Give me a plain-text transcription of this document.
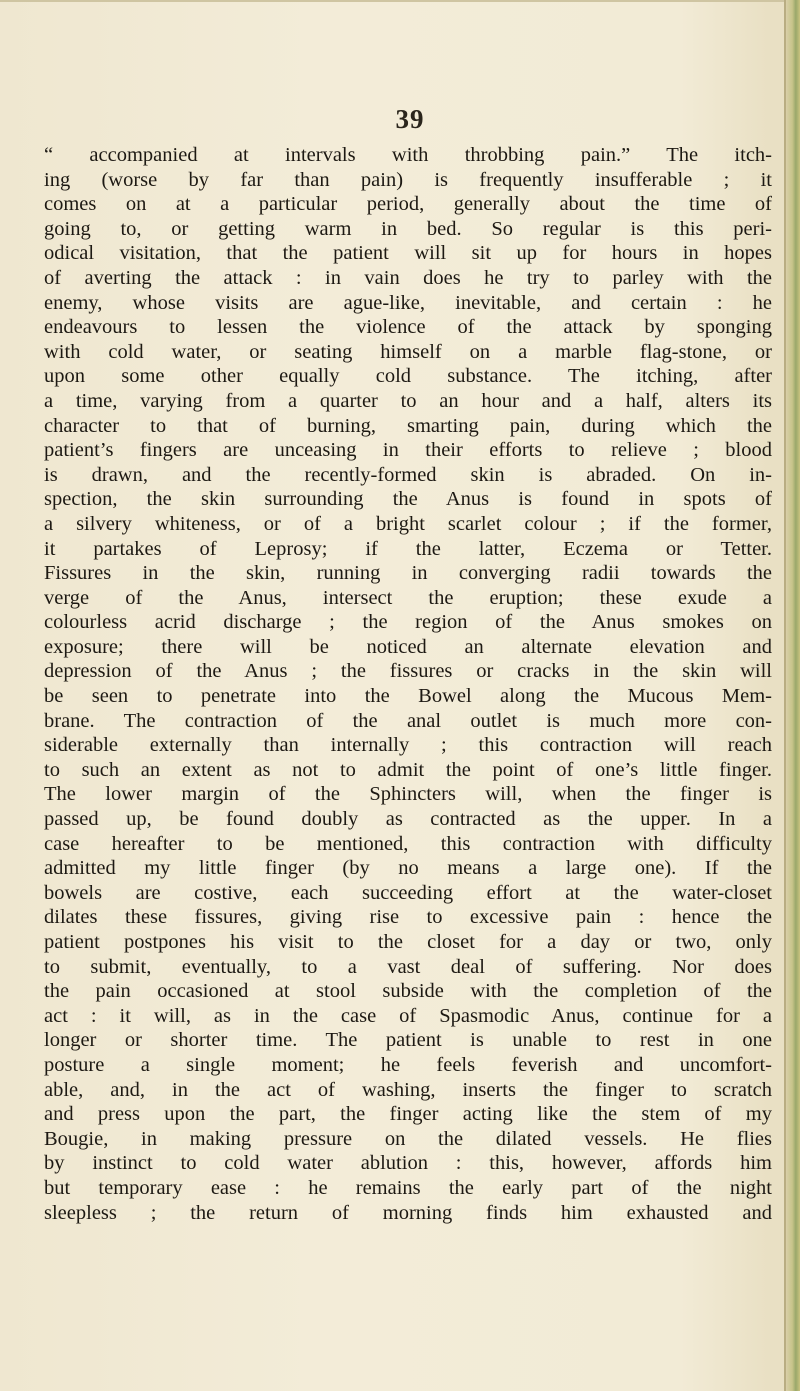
39
“ accompanied at intervals with throbbing pain.” The itch-
ing (worse by far than pain) is frequently insufferable ; it
comes on at a particular period, generally about the time of
going to, or getting warm in bed. So regular is this peri-
odical visitation, that the patient will sit up for hours in hopes
of averting the attack : in vain does he try to parley with the
enemy, whose visits are ague-like, inevitable, and certain : he
endeavours to lessen the violence of the attack by sponging
with cold water, or seating himself on a marble flag-stone, or
upon some other equally cold substance. The itching, after
a time, varying from a quarter to an hour and a half, alters its
character to that of burning, smarting pain, during which the
patient’s fingers are unceasing in their efforts to relieve ; blood
is drawn, and the recently-formed skin is abraded. On in-
spection, the skin surrounding the Anus is found in spots of
a silvery whiteness, or of a bright scarlet colour ; if the former,
it partakes of Leprosy; if the latter, Eczema or Tetter.
Fissures in the skin, running in converging radii towards the
verge of the Anus, intersect the eruption; these exude a
colourless acrid discharge ; the region of the Anus smokes on
exposure; there will be noticed an alternate elevation and
depression of the Anus ; the fissures or cracks in the skin will
be seen to penetrate into the Bowel along the Mucous Mem-
brane. The contraction of the anal outlet is much more con-
siderable externally than internally ; this contraction will reach
to such an extent as not to admit the point of one’s little finger.
The lower margin of the Sphincters will, when the finger is
passed up, be found doubly as contracted as the upper. In a
case hereafter to be mentioned, this contraction with difficulty
admitted my little finger (by no means a large one). If the
bowels are costive, each succeeding effort at the water-closet
dilates these fissures, giving rise to excessive pain : hence the
patient postpones his visit to the closet for a day or two, only
to submit, eventually, to a vast deal of suffering. Nor does
the pain occasioned at stool subside with the completion of the
act : it will, as in the case of Spasmodic Anus, continue for a
longer or shorter time. The patient is unable to rest in one
posture a single moment; he feels feverish and uncomfort-
able, and, in the act of washing, inserts the finger to scratch
and press upon the part, the finger acting like the stem of my
Bougie, in making pressure on the dilated vessels. He flies
by instinct to cold water ablution : this, however, affords him
but temporary ease : he remains the early part of the night
sleepless ; the return of morning finds him exhausted and
